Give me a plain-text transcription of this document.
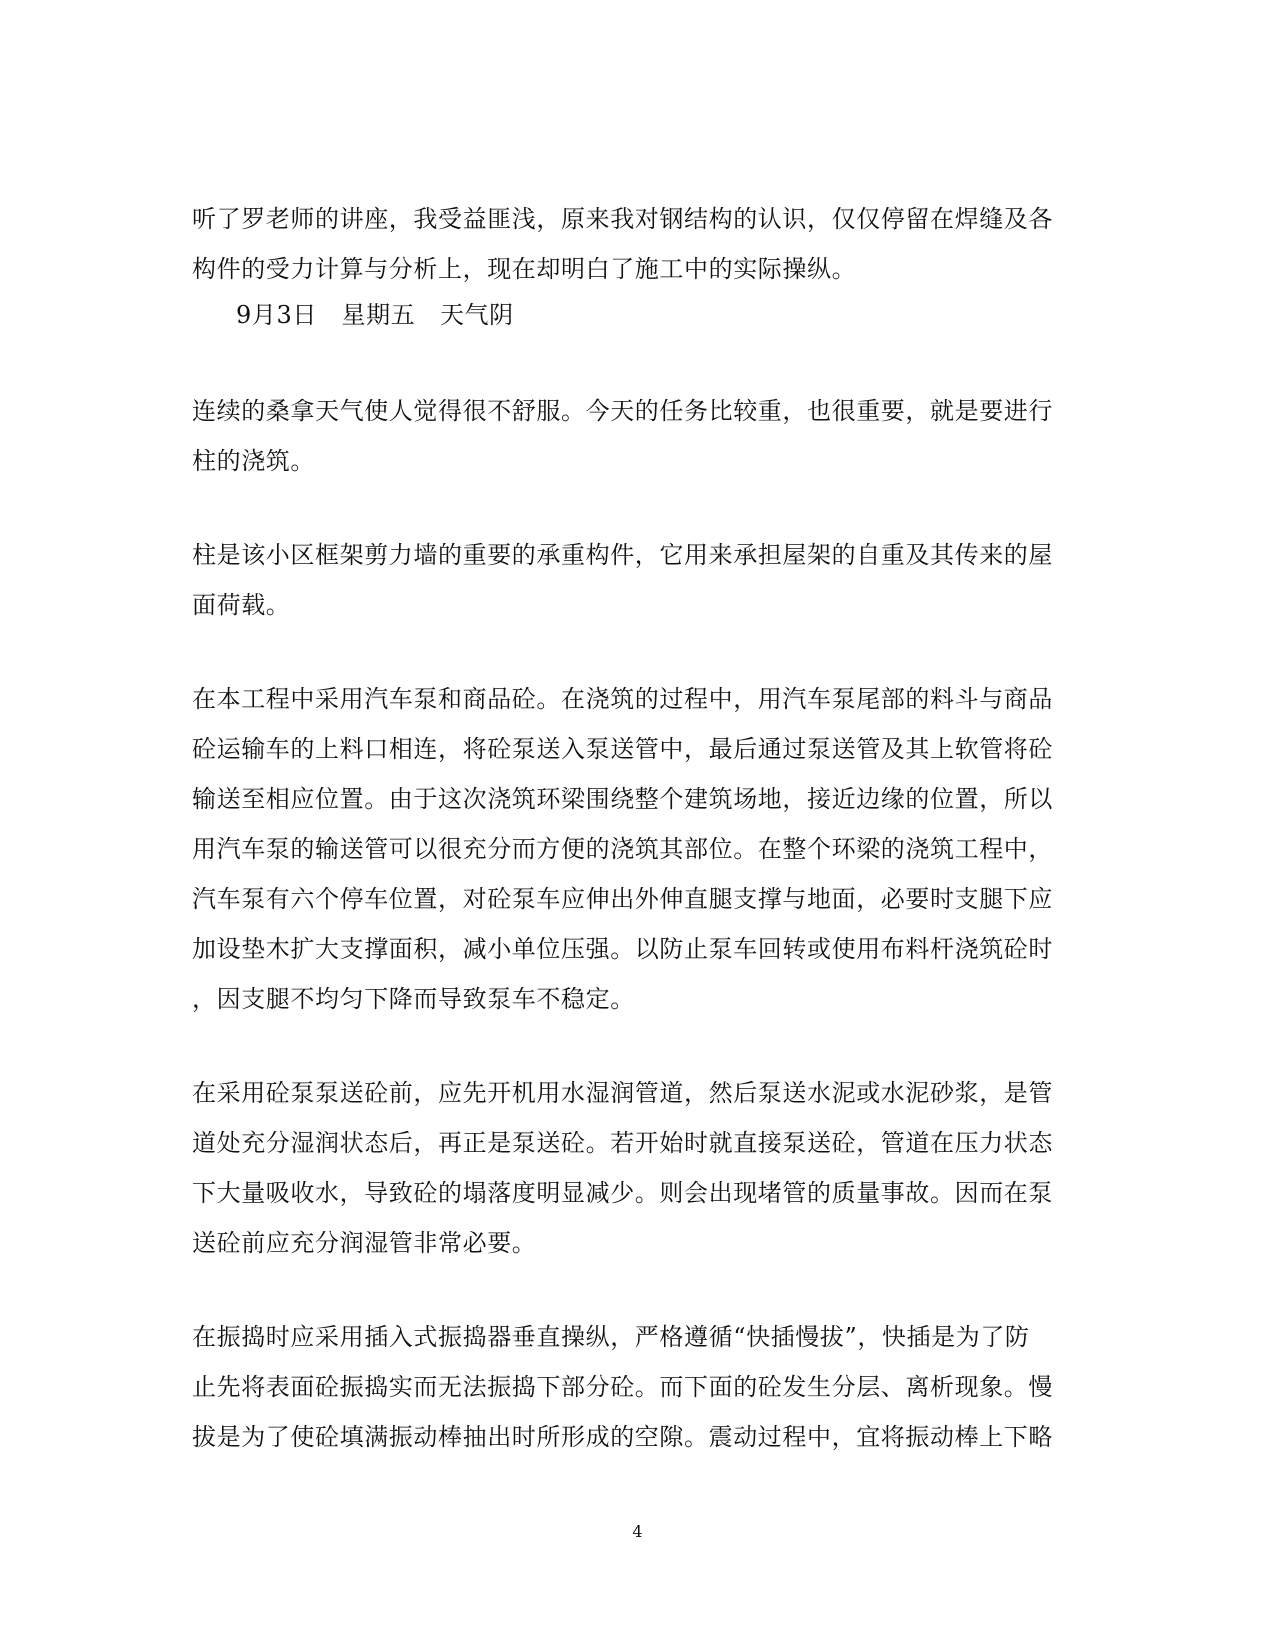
听了罗老师的讲座，我受益匪浅，原来我对钢结构的认识，仅仅停留在焊缝及各
构件的受力计算与分析上，现在却明白了施工中的实际操纵。
9月3日　星期五　天气阴
连续的桑拿天气使人觉得很不舒服。今天的任务比较重，也很重要，就是要进行
柱的浇筑。
柱是该小区框架剪力墙的重要的承重构件，它用来承担屋架的自重及其传来的屋
面荷载。
在本工程中采用汽车泵和商品砼。在浇筑的过程中，用汽车泵尾部的料斗与商品
砼运输车的上料口相连，将砼泵送入泵送管中，最后通过泵送管及其上软管将砼
输送至相应位置。由于这次浇筑环梁围绕整个建筑场地，接近边缘的位置，所以
用汽车泵的输送管可以很充分而方便的浇筑其部位。在整个环梁的浇筑工程中，
汽车泵有六个停车位置，对砼泵车应伸出外伸直腿支撑与地面，必要时支腿下应
加设垫木扩大支撑面积，减小单位压强。以防止泵车回转或使用布料杆浇筑砼时
，因支腿不均匀下降而导致泵车不稳定。
在采用砼泵泵送砼前，应先开机用水湿润管道，然后泵送水泥或水泥砂浆，是管
道处充分湿润状态后，再正是泵送砼。若开始时就直接泵送砼，管道在压力状态
下大量吸收水，导致砼的塌落度明显减少。则会出现堵管的质量事故。因而在泵
送砼前应充分润湿管非常必要。
在振捣时应采用插入式振捣器垂直操纵，严格遵循“快插慢拔”，快插是为了防
止先将表面砼振捣实而无法振捣下部分砼。而下面的砼发生分层、离析现象。慢
拔是为了使砼填满振动棒抽出时所形成的空隙。震动过程中，宜将振动棒上下略
4
